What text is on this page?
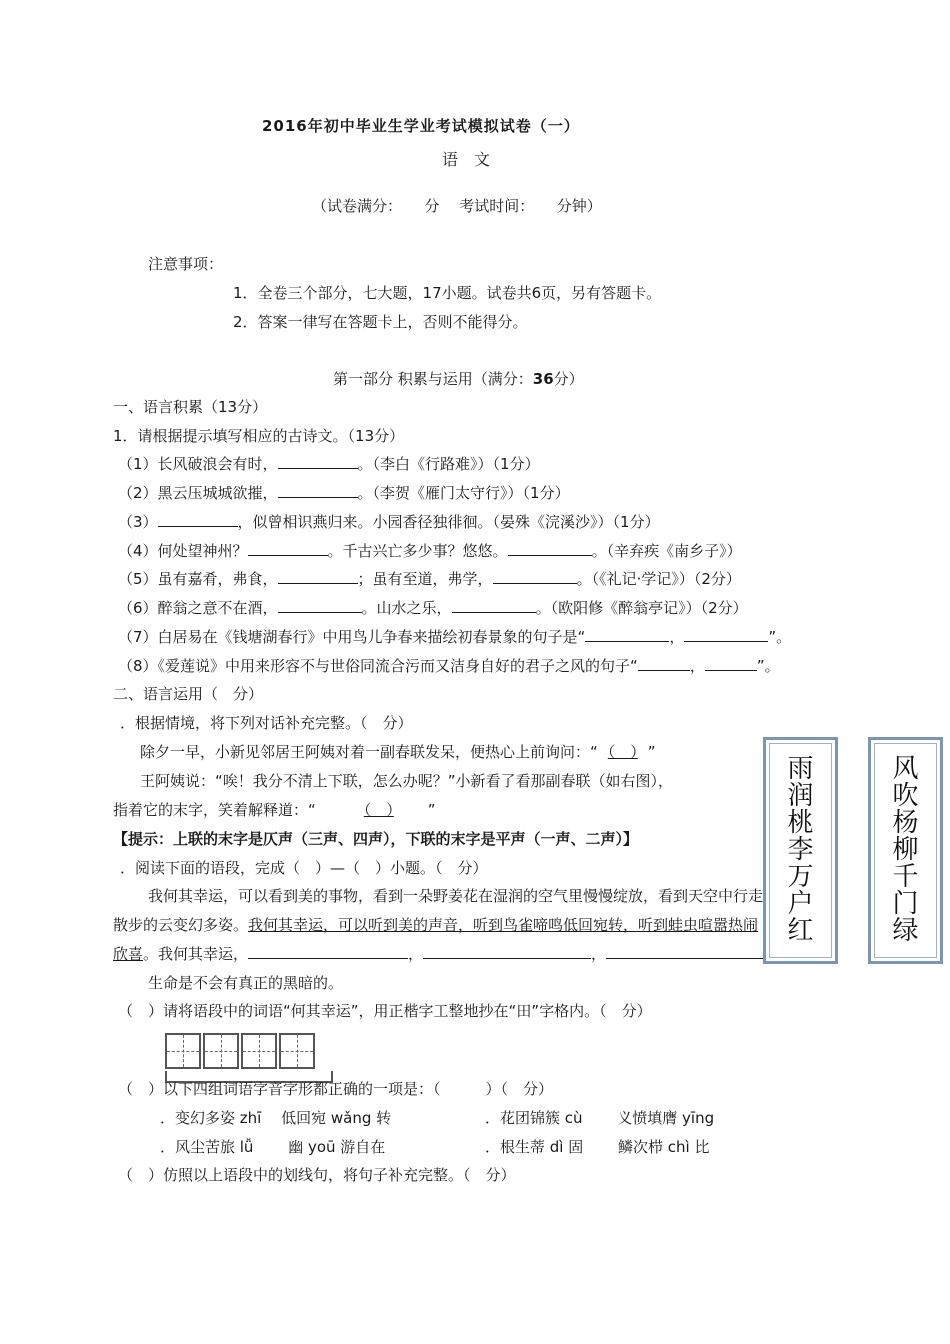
2016年初中毕业生学业考试模拟试卷（一）
语　文
（试卷满分：　　分　 考试时间：　　分钟）
注意事项：
1．全卷三个部分，七大题，17小题。试卷共6页，另有答题卡。
2．答案一律写在答题卡上，否则不能得分。
第一部分 积累与运用（满分：36分）
一、语言积累（13分）
1．请根据提示填写相应的古诗文。（13分）
（1）长风破浪会有时，	。（李白《行路难》）（1分）
（2）黑云压城城欲摧，	。（李贺《雁门太守行》）（1分）
（3）	，似曾相识燕归来。小园香径独徘徊。（晏殊《浣溪沙》）（1分）
（4）何处望神州？	。千古兴亡多少事？悠悠。	。（辛弃疾《南乡子》）
（5）虽有嘉肴，弗食，	；虽有至道，弗学，	。（《礼记·学记》）（2分）
（6）醉翁之意不在酒，	。山水之乐，	。（欧阳修《醉翁亭记》）（2分）
（7）白居易在《钱塘湖春行》中用鸟儿争春来描绘初春景象的句子是“	，	”。
（8）《爱莲说》中用来形容不与世俗同流合污而又洁身自好的君子之风的句子“	，	”。
二、语言运用（　分）
．根据情境，将下列对话补充完整。（　分）
除夕一早，小新见邻居王阿姨对着一副春联发呆，便热心上前询问：“ （　） ”
王阿姨说：“唉！我分不清上下联，怎么办呢？”小新看了看那副春联（如右图），
指着它的末字，笑着解释道：“	（　） ”
【提示：上联的末字是仄声（三声、四声），下联的末字是平声（一声、二声）】
．阅读下面的语段，完成（　）—（　）小题。（　分）
我何其幸运，可以看到美的事物，看到一朵野姜花在湿润的空气里慢慢绽放，看到天空中行走
散步的云变幻多姿。我何其幸运，可以听到美的声音，听到鸟雀啼鸣低回宛转，听到蛙虫喧嚣热闹
欣喜。我何其幸运，	，	，
生命是不会有真正的黑暗的。
（　）请将语段中的词语“何其幸运”，用正楷字工整地抄在“田”字格内。（　分）
（　）以下四组词语字音字形都正确的一项是：（　　　）（　分）
．变幻多姿 zhī　 低回宛 wǎng 转	．花团锦簇 cù　　 义愤填膺 yīng
．风尘苦旅 lǚ　　 幽 yoū 游自在	．根生蒂 dì 固　　 鳞次栉 chì 比
（　）仿照以上语段中的划线句，将句子补充完整。（　分）
雨
润
桃
李
万
户
红
风
吹
杨
柳
千
门
绿
